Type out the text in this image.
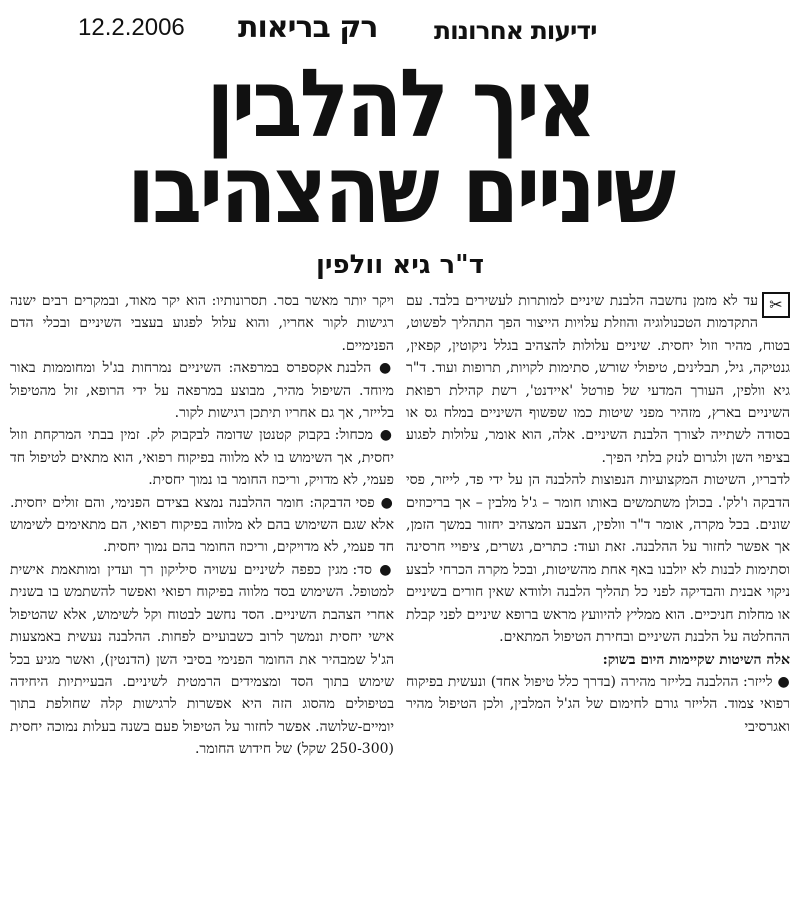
12.2.2006 רק בריאות ידיעות אחרונות
איך להלבין
שיניים שהצהיבו
ד"ר גיא וולפין

✂
עד לא מזמן נחשבה הלבנת שיניים למותרות לעשירים בלבד. עם התקדמות הטכנולוגיה והוזלת עלויות הייצור הפך התהליך לפשוט, בטוח, מהיר וזול יחסית. שיניים עלולות להצהיב בגלל ניקוטין, קפאין, גנטיקה, גיל, תבלינים, טיפולי שורש, סתימות לקויות, תרופות ועוד. ד"ר גיא וולפין, העורך המדעי של פורטל 'איידנט', רשת קהילת רפואת השיניים בארץ, מזהיר מפני שיטות כמו שפשוף השיניים במלח גס או בסודה לשתייה לצורך הלבנת השיניים. אלה, הוא אומר, עלולות לפגוע בציפוי השן ולגרום לנזק בלתי הפיך.

לדבריו, השיטות המקצועיות הנפוצות להלבנה הן על ידי פד, לייזר, פסי הדבקה ו'לק'. בכולן משתמשים באותו חומר – ג'ל מלבין – אך בריכוזים שונים. בכל מקרה, אומר ד"ר וולפין, הצבע המצהיב יחזור במשך הזמן, אך אפשר לחזור על ההלבנה. זאת ועוד: כתרים, גשרים, ציפויי חרסינה וסתימות לבנות לא יולבנו באף אחת מהשיטות, ובכל מקרה הכרחי לבצע ניקוי אבנית והבדיקה לפני כל תהליך הלבנה ולוודא שאין חורים בשיניים או מחלות חניכיים. הוא ממליץ להיוועץ מראש ברופא שיניים לפני קבלת ההחלטה על הלבנת השיניים ובחירת הטיפול המתאים.

אלה השיטות שקיימות היום בשוק:

● לייזר: ההלבנה בלייזר מהירה (בדרך כלל טיפול אחד) ונעשית בפיקוח רפואי צמוד. הלייזר גורם לחימום של הג'ל המלבין, ולכן הטיפול מהיר ואגרסיבי

ויקר יותר מאשר בסר. תסרונותיו: הוא יקר מאוד, ובמקרים רבים ישנה רגישות לקור אחריו, והוא עלול לפגוע בעצבי השיניים ובכלי הדם הפנימיים.

● הלבנת אקספרס במרפאה: השיניים נמרחות בג'ל ומחוממות באור מיוחד. השיפול מהיר, מבוצע במרפאה על ידי הרופא, זול מהטיפול בלייזר, אך גם אחריו תיתכן רגישות לקור.

● מכחול: בקבוק קטנטן שדומה לבקבוק לק. זמין בבתי המרקחת וזול יחסית, אך השימוש בו לא מלווה בפיקוח רפואי, הוא מתאים לטיפול חד פעמי, לא מדויק, וריכוז החומר בו נמוך יחסית.

● פסי הדבקה: חומר ההלבנה נמצא בצידם הפנימי, והם זולים יחסית. אלא שגם השימוש בהם לא מלווה בפיקוח רפואי, הם מתאימים לשימוש חד פעמי, לא מדויקים, וריכוז החומר בהם נמוך יחסית.

● סד: מגין כפפה לשיניים עשויה סיליקון רך ועדין ומותאמת אישית למטופל. השימוש בסד מלווה בפיקוח רפואי ואפשר להשתמש בו בשנית אחרי הצהבת השיניים. הסד נחשב לבטוח וקל לשימוש, אלא שהטיפול אישי יחסית ונמשך לרוב כשבועיים לפחות. ההלבנה נעשית באמצעות הג'ל שמבהיר את החומר הפנימי בסיבי השן (הדנטין), ואשר מגיע בכל שימוש בתוך הסד ומצמידים הרמטית לשיניים. הבעייתיות היחידה בטיפולים מהסוג הזה היא אפשרות לרגישות קלה שחולפת בתוך יומיים-שלושה. אפשר לחזור על הטיפול פעם בשנה בעלות נמוכה יחסית (250-300 שקל) של חידוש החומר.
